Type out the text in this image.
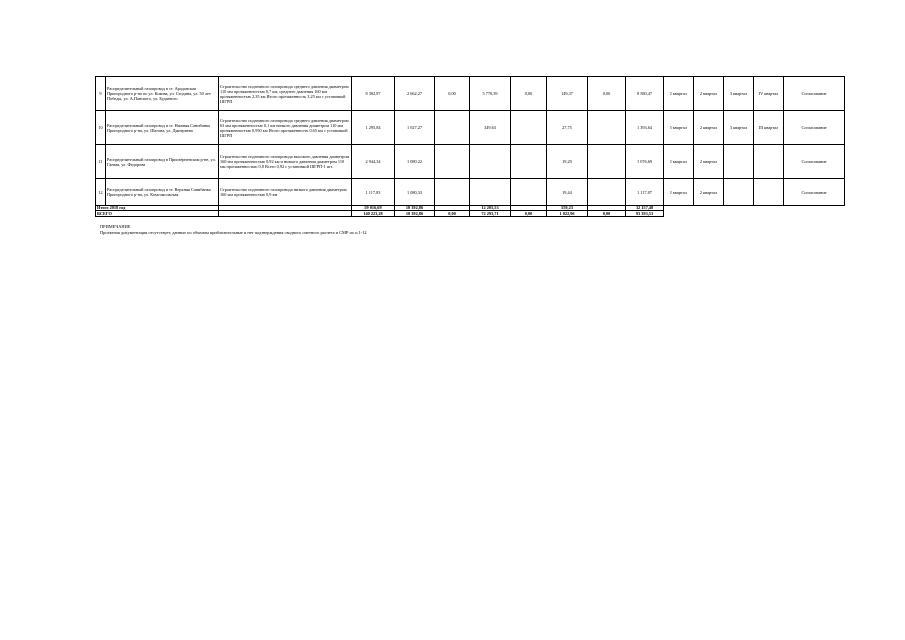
9	Распределительный газопровод в ст. Арадовская Пригородного р-на по ул. Кокова, ул. Стодина, ул. 50 лет Победы, ул. А.Панского, ул. Будаевого	Строительство подземного газопровода среднего давления диаметром 110 мм протяженностью 0,7 км, среднего давления 160 мм протяженностью 2,35 км Итого протяженность 3,25 км с установкой ШГРП	8 382,87	2 662,27	0,00	5 770,39	0,00	149,37	0,00	8 580,47	I квартал	2 квартал	3 квартал	IV квартал	Согласование
10	Распределительный газопровод в ст. Нижняя Санибанка Пригородного р-на, ул. Шагова, ул. Дмитриева	Строительство подземного газопровода среднего давления диаметром 63 мм протяженностью 0,1 км низкого давления диаметром 110 мм протяженностью 0,950 км Итого протяженность 0,65 км с установкой ШГРП	1 295,84	1 027,27		349,63		27,75		1 393,64	I квартал	2 квартал	3 квартал	III квартал	Согласование
11	Распределительный газопровод в Приозёрненском р-не, ул. Гаевая, ул. Федорова	Строительство подземного газопровода высокого давления диаметром 160 мм протяженностью 0,92 км и низкого давления диаметром 110 мм протяженностью 0,8 Всего 0,92 с установкой ШГРП-1 шт.	2 944,34	1 080,22				19,29		1 076,69	I квартал	2 квартал			Согласование
12	Распределительный газопровод в ст. Верхняя Санибанка Пригородного р-на, ул. Комсомольская	Строительство подземного газопровода низкого давления диаметром 160 мм протяженностью 0,9 км	1 117,83	1 080,33				19,44		1 117,87	I квартал	2 квартал			Согласование
Итого 2018 год			59 016,69	10 392,86		12 205,53		559,23		32 157,48					
ВСЕГО			140 223,28	10 392,86	0,00	72 293,71	0,00	1 022,96	0,00	93 393,53					
ПРИМЕЧАНИЕ
Проектная документация отсутствует, данные по объемам приблизительные и нет подтверждения сводного сметного расчета и СМР по п.1-12
